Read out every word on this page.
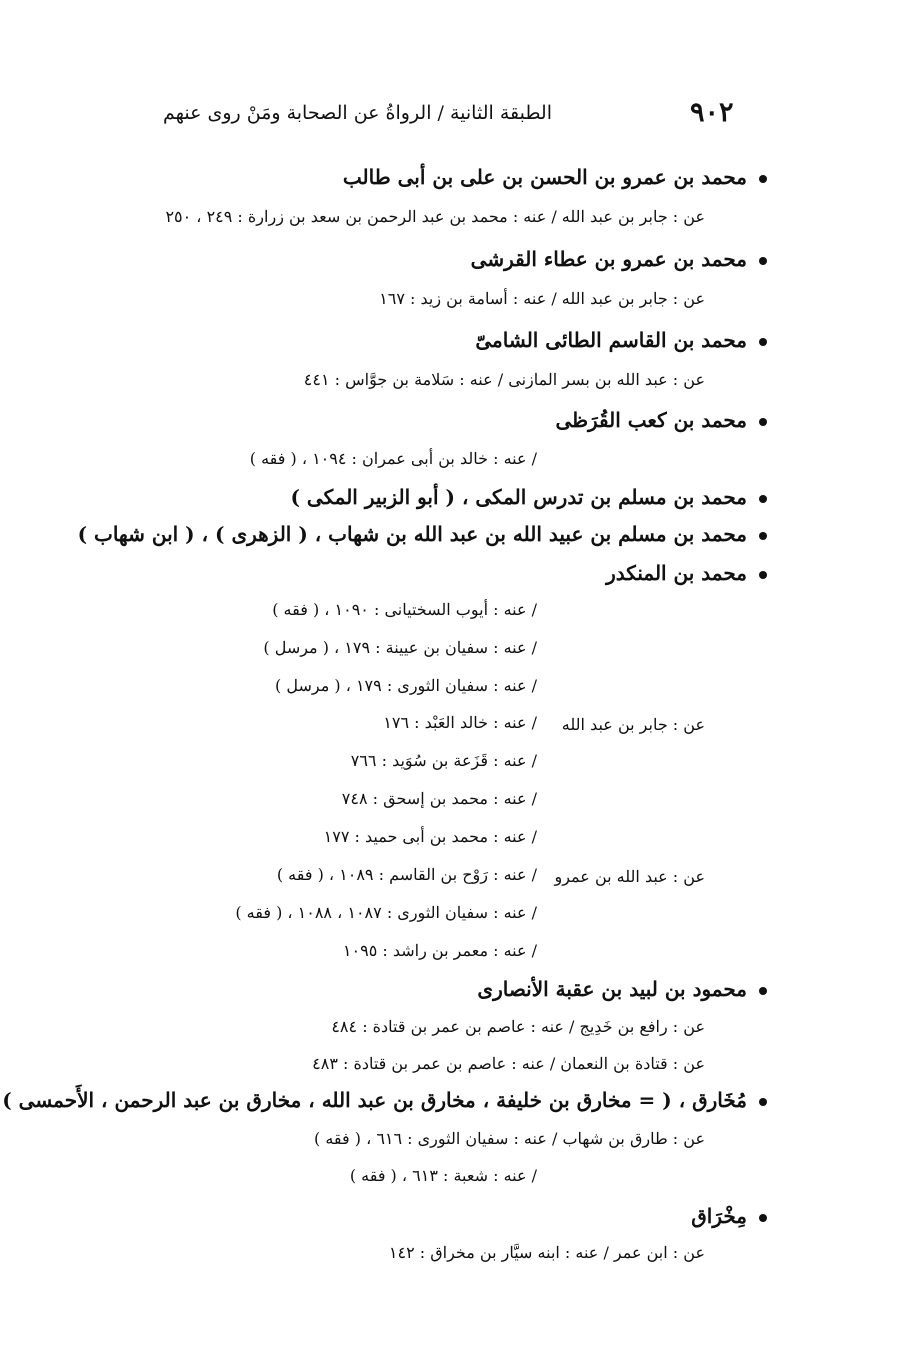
٩٠٢
الطبقة الثانية / الرواةُ عن الصحابة ومَنْ روى عنهم
محمد بن عمرو بن الحسن بن على بن أبى طالب
عن : جابر بن عبد الله / عنه : محمد بن عبد الرحمن بن سعد بن زرارة : ٢٤٩ ، ٢٥٠
محمد بن عمرو بن عطاء القرشى
عن : جابر بن عبد الله / عنه : أسامة بن زيد : ١٦٧
محمد بن القاسم الطائى الشامىّ
عن : عبد الله بن بسر المازنى / عنه : سَلامة بن جوَّاس : ٤٤١
محمد بن كعب القُرَظى
/ عنه : خالد بن أبى عمران : ١٠٩٤ ، ( فقه )
محمد بن مسلم بن تدرس المكى ، ( أبو الزبير المكى )
محمد بن مسلم بن عبيد الله بن عبد الله بن شهاب ، ( الزهرى ) ، ( ابن شهاب )
محمد بن المنكدر
/ عنه : أيوب السختيانى : ١٠٩٠ ، ( فقه )
/ عنه : سفيان بن عيينة : ١٧٩ ، ( مرسل )
/ عنه : سفيان الثورى : ١٧٩ ، ( مرسل )
عن : جابر بن عبد الله
/ عنه : خالد العَبْد : ١٧٦
/ عنه : قَزَعة بن سُوَيد : ٧٦٦
/ عنه : محمد بن إسحق : ٧٤٨
/ عنه : محمد بن أبى حميد : ١٧٧
عن : عبد الله بن عمرو
/ عنه : رَوْح بن القاسم : ١٠٨٩ ، ( فقه )
/ عنه : سفيان الثورى : ١٠٨٧ ، ١٠٨٨ ، ( فقه )
/ عنه : معمر بن راشد : ١٠٩٥
محمود بن لبيد بن عقبة الأنصارى
عن : رافع بن خَدِيج / عنه : عاصم بن عمر بن قتادة : ٤٨٤
عن : قتادة بن النعمان / عنه : عاصم بن عمر بن قتادة : ٤٨٣
مُخَارق ، ( = مخارق بن خليفة ، مخارق بن عبد الله ، مخارق بن عبد الرحمن ، الأَحمسى )
عن : طارق بن شهاب / عنه : سفيان الثورى : ٦١٦ ، ( فقه )
/ عنه : شعبة : ٦١٣ ، ( فقه )
مِخْرَاق
عن : ابن عمر / عنه : ابنه سيَّار بن مخراق : ١٤٢
